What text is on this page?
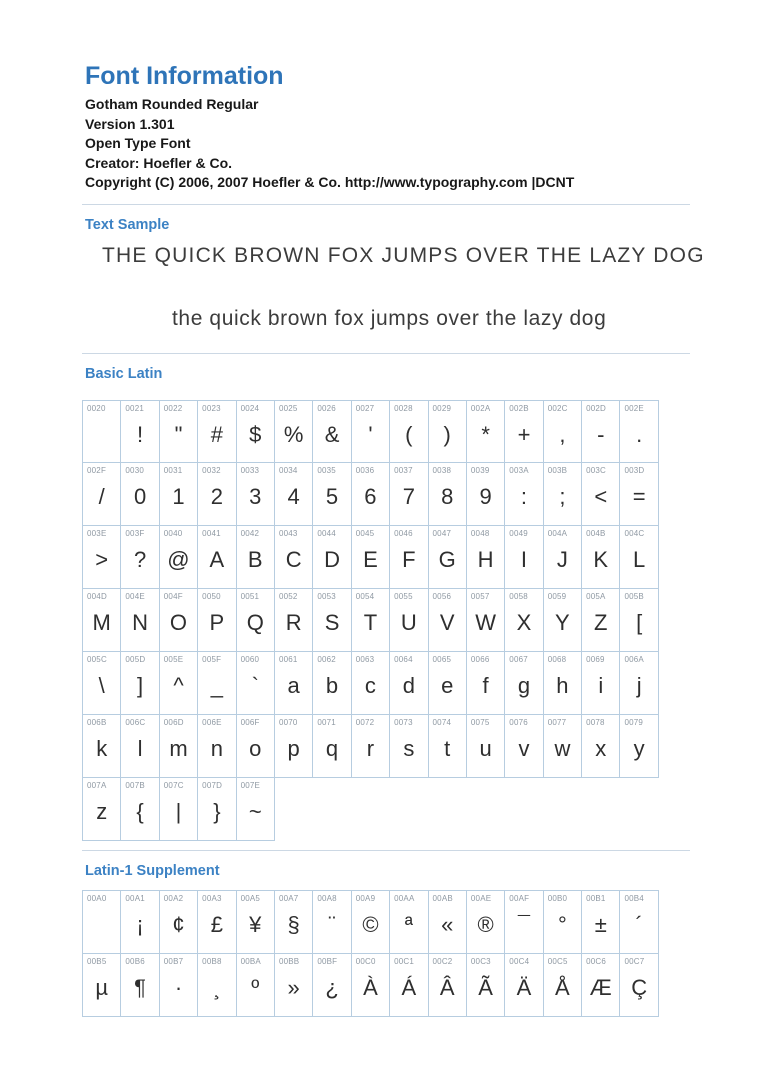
Font Information
Gotham Rounded Regular
Version 1.301
Open Type Font
Creator: Hoefler & Co.
Copyright (C) 2006, 2007 Hoefler & Co. http://www.typography.com |DCNT
Text Sample
THE QUICK BROWN FOX JUMPS OVER THE LAZY DOG
the quick brown fox jumps over the lazy dog
Basic Latin
0020 0021
!
0022
"
0023
#
0024
$
0025
%
0026
&
0027
'
0028
(
0029
)
002A
*
002B
+
002C
,
002D
-
002E
.
002F
/
0030
0
0031
1
0032
2
0033
3
0034
4
0035
5
0036
6
0037
7
0038
8
0039
9
003A
:
003B
;
003C
<
003D
=
003E
>
003F
?
0040
@
0041
A
0042
B
0043
C
0044
D
0045
E
0046
F
0047
G
0048
H
0049
I
004A
J
004B
K
004C
L
004D
M
004E
N
004F
O
0050
P
0051
Q
0052
R
0053
S
0054
T
0055
U
0056
V
0057
W
0058
X
0059
Y
005A
Z
005B
[
005C
\
005D
]
005E
^
005F
_
0060
`
0061
a
0062
b
0063
c
0064
d
0065
e
0066
f
0067
g
0068
h
0069
i
006A
j
006B
k
006C
l
006D
m
006E
n
006F
o
0070
p
0071
q
0072
r
0073
s
0074
t
0075
u
0076
v
0077
w
0078
x
0079
y
007A
z
007B
{
007C
|
007D
}
007E
~
Latin-1 Supplement
00A0 00A1
¡
00A2
¢
00A3
£
00A5
¥
00A7
§
00A8
¨
00A9
©
00AA
ª
00AB
«
00AE
®
00AF
¯
00B0
°
00B1
±
00B4
´
00B5
µ
00B6
¶
00B7
·
00B8
¸
00BA
º
00BB
»
00BF
¿
00C0
À
00C1
Á
00C2
Â
00C3
Ã
00C4
Ä
00C5
Å
00C6
Æ
00C7
Ç
